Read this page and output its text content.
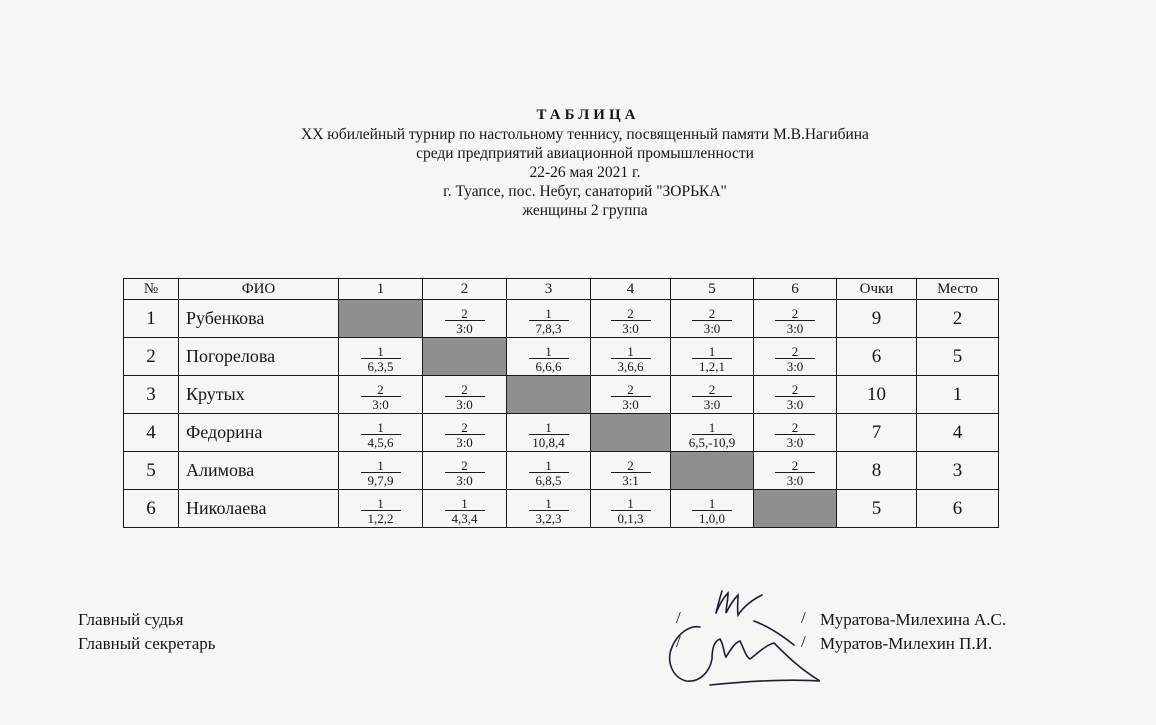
ТАБЛИЦА
XX юбилейный турнир по настольному теннису, посвященный памяти М.В.Нагибина
среди предприятий авиационной промышленности
22-26 мая 2021 г.
г. Туапсе, пос. Небуг, санаторий "ЗОРЬКА"
женщины 2 группа
№	ФИО	1	2	3	4	5	6	Очки	Место
1	Рубенкова		$\frac{2}{3:0}$	$\frac{1}{7,8,3}$	$\frac{2}{3:0}$	$\frac{2}{3:0}$	$\frac{2}{3:0}$	9	2
2	Погорелова	$\frac{1}{6,3,5}$		$\frac{1}{6,6,6}$	$\frac{1}{3,6,6}$	$\frac{1}{1,2,1}$	$\frac{2}{3:0}$	6	5
3	Крутых	$\frac{2}{3:0}$	$\frac{2}{3:0}$		$\frac{2}{3:0}$	$\frac{2}{3:0}$	$\frac{2}{3:0}$	10	1
4	Федорина	$\frac{1}{4,5,6}$	$\frac{2}{3:0}$	$\frac{1}{10,8,4}$		$\frac{1}{6,5,-10,9}$	$\frac{2}{3:0}$	7	4
5	Алимова	$\frac{1}{9,7,9}$	$\frac{2}{3:0}$	$\frac{1}{6,8,5}$	$\frac{2}{3:1}$		$\frac{2}{3:0}$	8	3
6	Николаева	$\frac{1}{1,2,2}$	$\frac{1}{4,3,4}$	$\frac{1}{3,2,3}$	$\frac{1}{0,1,3}$	$\frac{1}{1,0,0}$		5	6
Главный судья
Главный секретарь
/	/
/	/
Муратова-Милехина А.С.
Муратов-Милехин П.И.
